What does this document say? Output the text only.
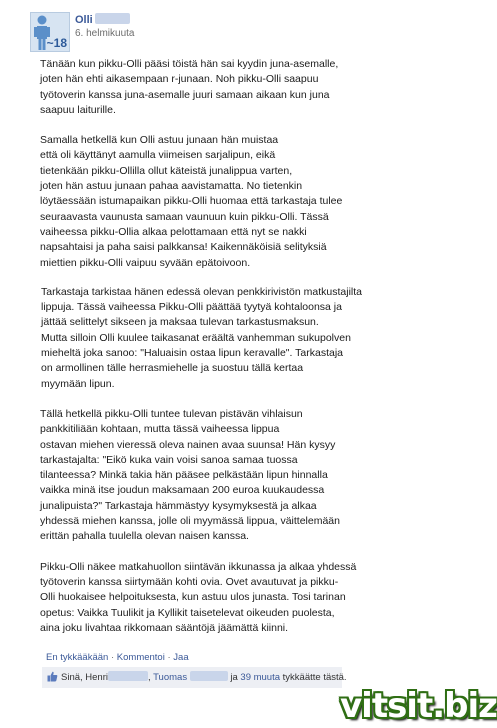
~18
Olli
6. helmikuuta

Tänään kun pikku-Olli pääsi töistä hän sai kyydin juna-asemalle,
joten hän ehti aikasempaan r-junaan. Noh pikku-Olli saapuu
työtoverin kanssa juna-asemalle juuri samaan aikaan kun juna
saapuu laiturille.

Samalla hetkellä kun Olli astuu junaan hän muistaa
että oli käyttänyt aamulla viimeisen sarjalipun, eikä
tietenkään pikku-Ollilla ollut käteistä junalippua varten,
joten hän astuu junaan pahaa aavistamatta. No tietenkin
löytäessään istumapaikan pikku-Olli huomaa että tarkastaja tulee
seuraavasta vaunusta samaan vaunuun kuin pikku-Olli. Tässä
vaiheessa pikku-Ollia alkaa pelottamaan että nyt se nakki
napsahtaisi ja paha saisi palkkansa! Kaikennäköisiä selityksiä
miettien pikku-Olli vaipuu syvään epätoivoon.

Tarkastaja tarkistaa hänen edessä olevan penkkirivistön matkustajilta
lippuja. Tässä vaiheessa Pikku-Olli päättää tyytyä kohtaloonsa ja
jättää selittelyt sikseen ja maksaa tulevan tarkastusmaksun.
Mutta silloin Olli kuulee taikasanat eräältä vanhemman sukupolven
mieheltä joka sanoo: "Haluaisin ostaa lipun keravalle". Tarkastaja
on armollinen tälle herrasmiehelle ja suostuu tällä kertaa
myymään lipun.

Tällä hetkellä pikku-Olli tuntee tulevan pistävän vihlaisun
pankkitiliään kohtaan, mutta tässä vaiheessa lippua
ostavan miehen vieressä oleva nainen avaa suunsa! Hän kysyy
tarkastajalta: "Eikö kuka vain voisi sanoa samaa tuossa
tilanteessa? Minkä takia hän pääsee pelkästään lipun hinnalla
vaikka minä itse joudun maksamaan 200 euroa kuukaudessa
junalipuista?" Tarkastaja hämmästyy kysymyksestä ja alkaa
yhdessä miehen kanssa, jolle oli myymässä lippua, väittelemään
erittän pahalla tuulella olevan naisen kanssa.

Pikku-Olli näkee matkahuollon siintävän ikkunassa ja alkaa yhdessä
työtoverin kanssa siirtymään kohti ovia. Ovet avautuvat ja pikku-
Olli huokaisee helpoituksesta, kun astuu ulos junasta. Tosi tarinan
opetus: Vaikka Tuulikit ja Kyllikit taisetelevat oikeuden puolesta,
aina joku livahtaa rikkomaan sääntöjä jäämättä kiinni.

En tykkääkään · Kommentoi · Jaa
Sinä, Henri	, Tuomas	ja 39 muuta tykkäätte tästä.
vitsit.biz
